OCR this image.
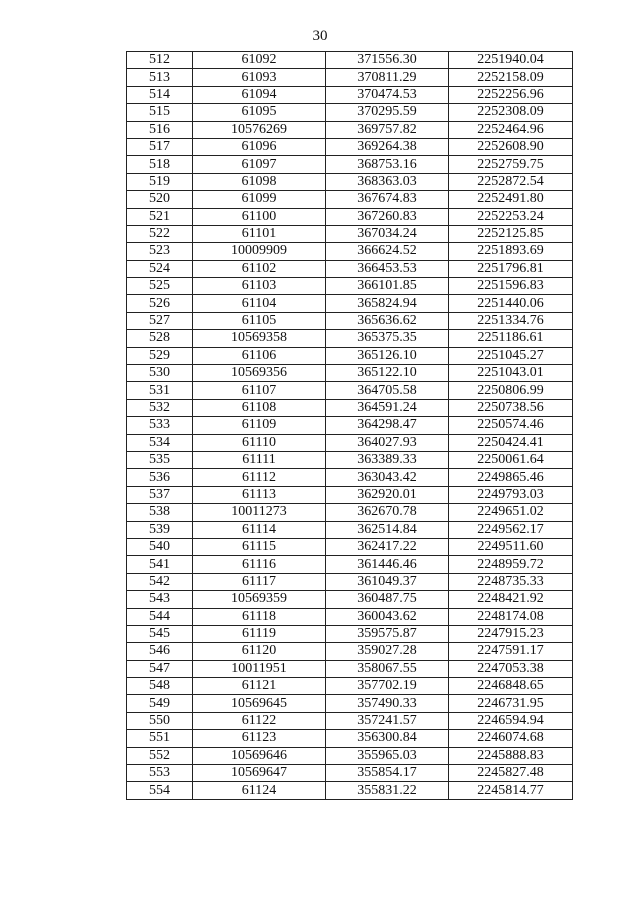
30
512	61092	371556.30	2251940.04
513	61093	370811.29	2252158.09
514	61094	370474.53	2252256.96
515	61095	370295.59	2252308.09
516	10576269	369757.82	2252464.96
517	61096	369264.38	2252608.90
518	61097	368753.16	2252759.75
519	61098	368363.03	2252872.54
520	61099	367674.83	2252491.80
521	61100	367260.83	2252253.24
522	61101	367034.24	2252125.85
523	10009909	366624.52	2251893.69
524	61102	366453.53	2251796.81
525	61103	366101.85	2251596.83
526	61104	365824.94	2251440.06
527	61105	365636.62	2251334.76
528	10569358	365375.35	2251186.61
529	61106	365126.10	2251045.27
530	10569356	365122.10	2251043.01
531	61107	364705.58	2250806.99
532	61108	364591.24	2250738.56
533	61109	364298.47	2250574.46
534	61110	364027.93	2250424.41
535	61111	363389.33	2250061.64
536	61112	363043.42	2249865.46
537	61113	362920.01	2249793.03
538	10011273	362670.78	2249651.02
539	61114	362514.84	2249562.17
540	61115	362417.22	2249511.60
541	61116	361446.46	2248959.72
542	61117	361049.37	2248735.33
543	10569359	360487.75	2248421.92
544	61118	360043.62	2248174.08
545	61119	359575.87	2247915.23
546	61120	359027.28	2247591.17
547	10011951	358067.55	2247053.38
548	61121	357702.19	2246848.65
549	10569645	357490.33	2246731.95
550	61122	357241.57	2246594.94
551	61123	356300.84	2246074.68
552	10569646	355965.03	2245888.83
553	10569647	355854.17	2245827.48
554	61124	355831.22	2245814.77
